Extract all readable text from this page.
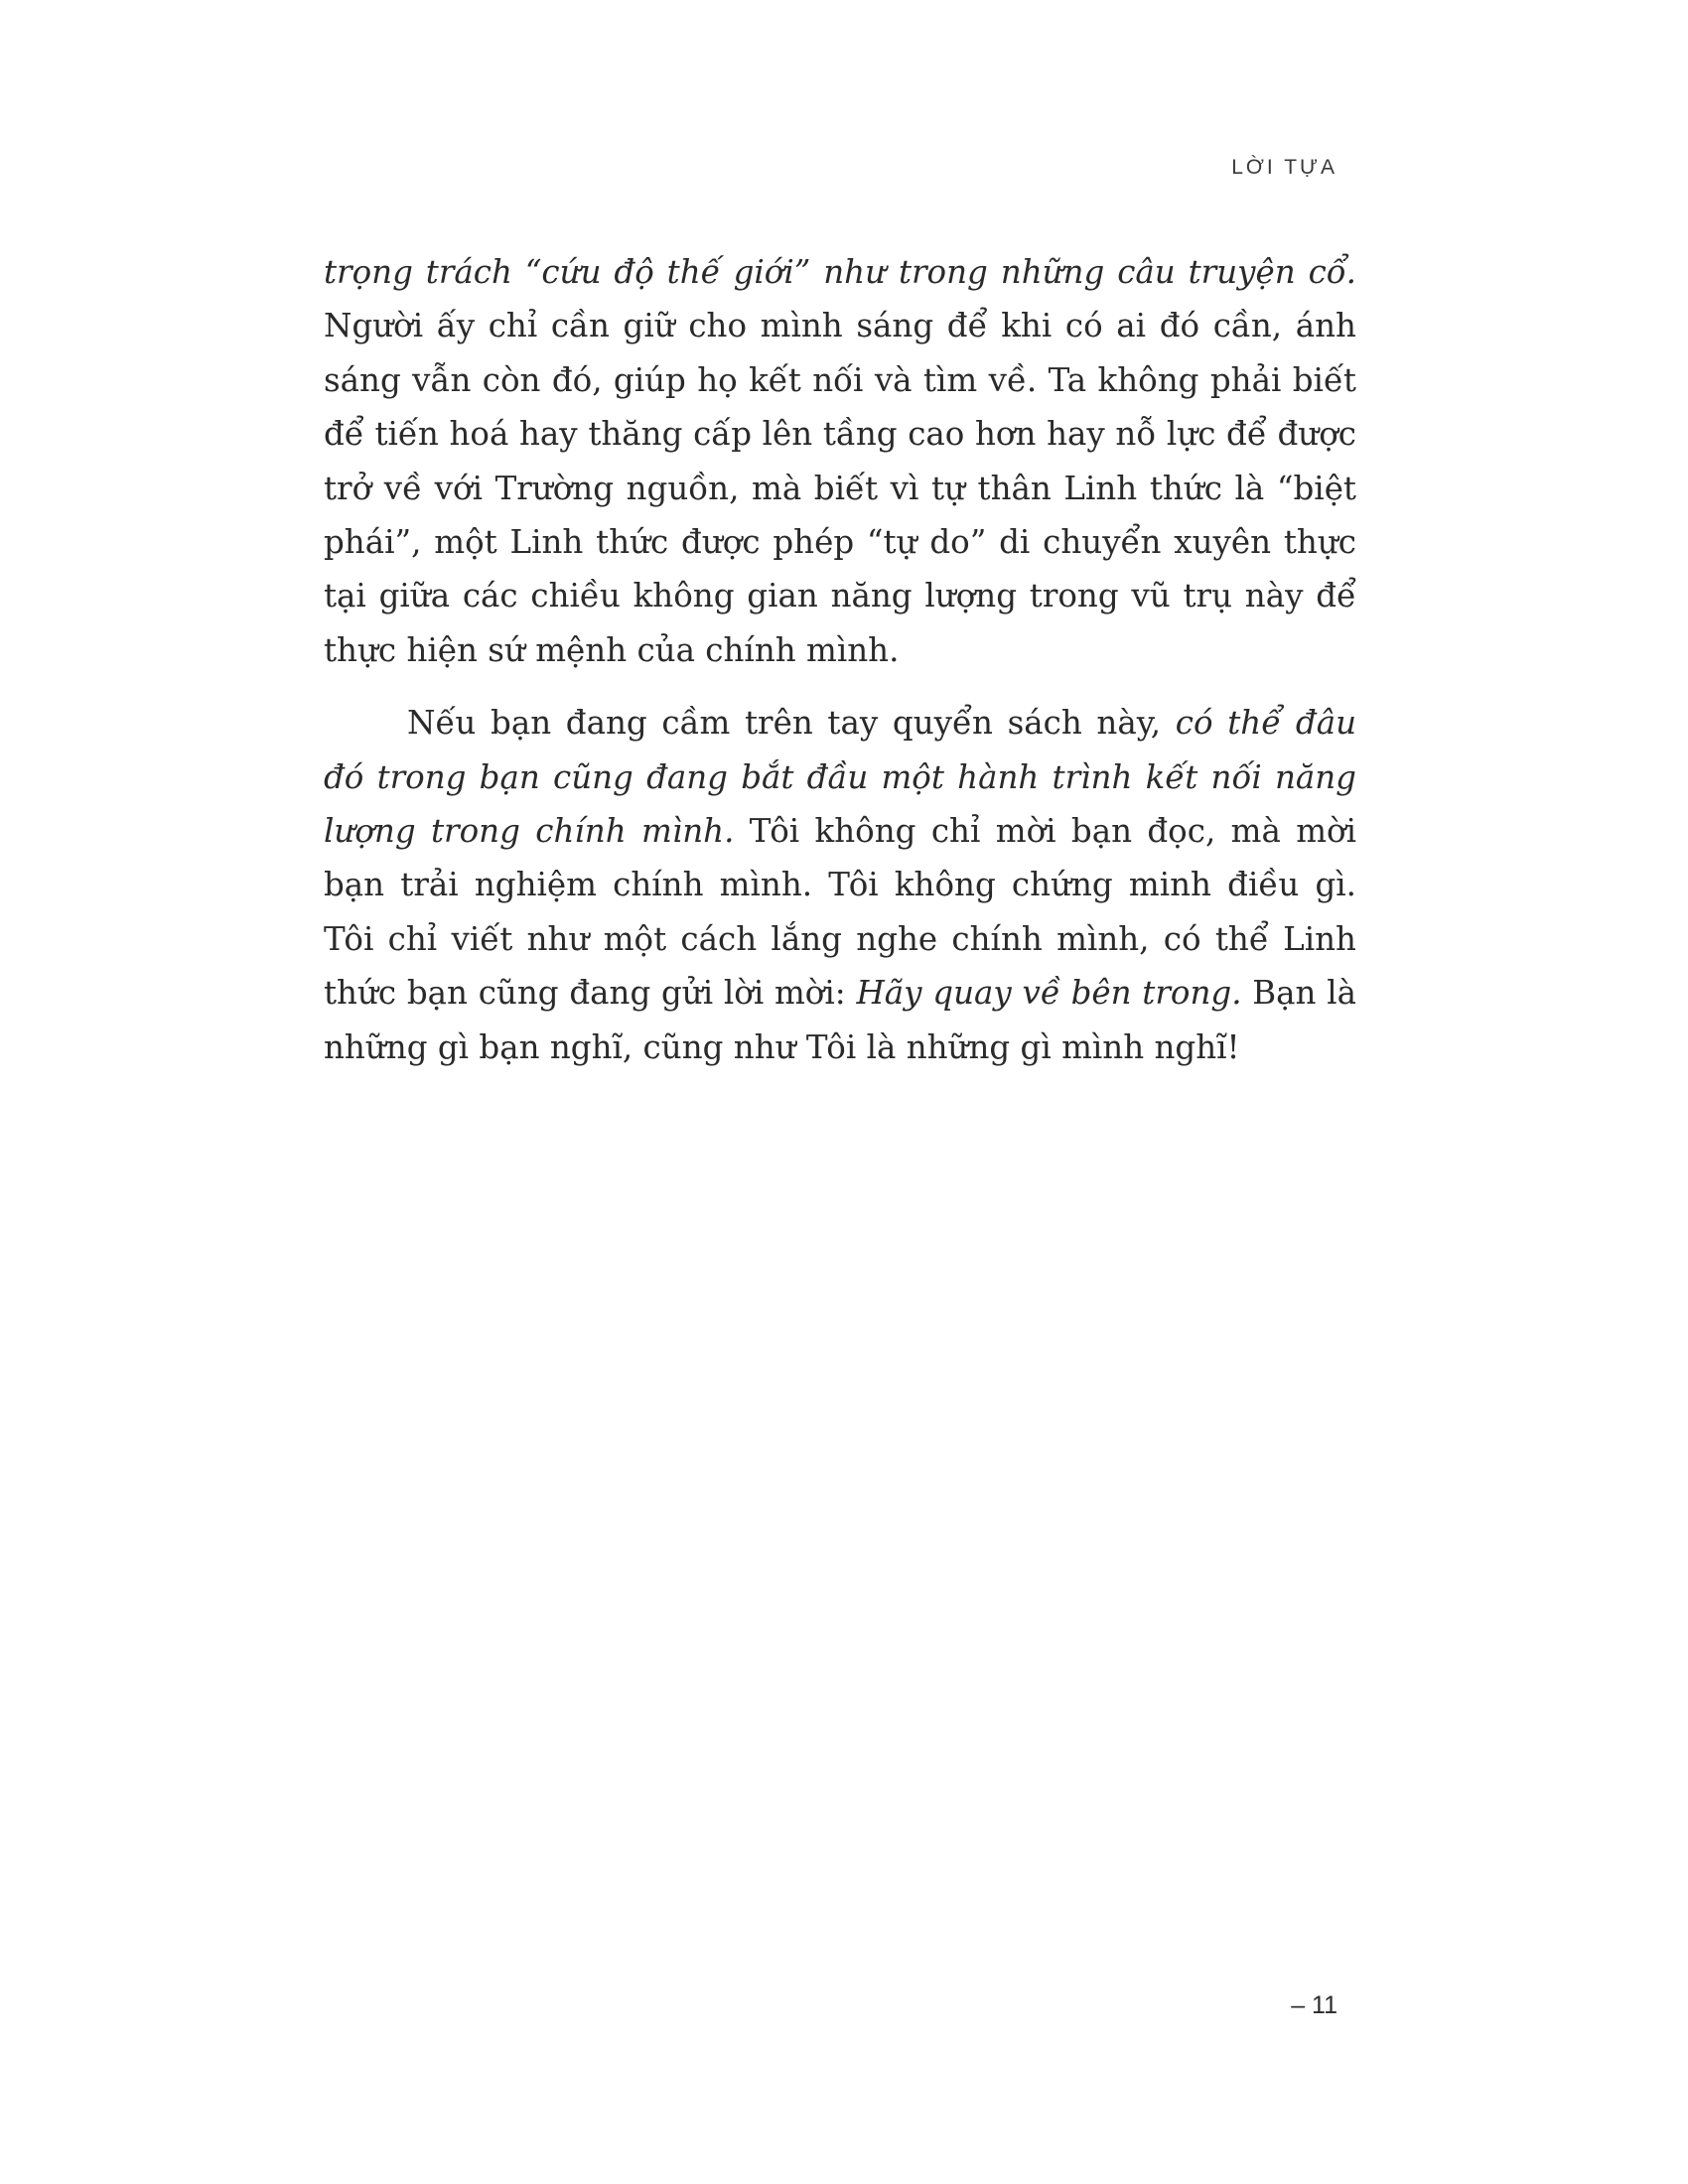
LỜI TỰA

trọng trách “cứu độ thế giới” như trong những câu truyện cổ. Người ấy chỉ cần giữ cho mình sáng để khi có ai đó cần, ánh sáng vẫn còn đó, giúp họ kết nối và tìm về. Ta không phải biết để tiến hoá hay thăng cấp lên tầng cao hơn hay nỗ lực để được trở về với Trường nguồn, mà biết vì tự thân Linh thức là “biệt phái”, một Linh thức được phép “tự do” di chuyển xuyên thực tại giữa các chiều không gian năng lượng trong vũ trụ này để thực hiện sứ mệnh của chính mình.

Nếu bạn đang cầm trên tay quyển sách này, có thể đâu đó trong bạn cũng đang bắt đầu một hành trình kết nối năng lượng trong chính mình. Tôi không chỉ mời bạn đọc, mà mời bạn trải nghiệm chính mình. Tôi không chứng minh điều gì. Tôi chỉ viết như một cách lắng nghe chính mình, có thể Linh thức bạn cũng đang gửi lời mời: Hãy quay về bên trong. Bạn là những gì bạn nghĩ, cũng như Tôi là những gì mình nghĩ!

– 11
